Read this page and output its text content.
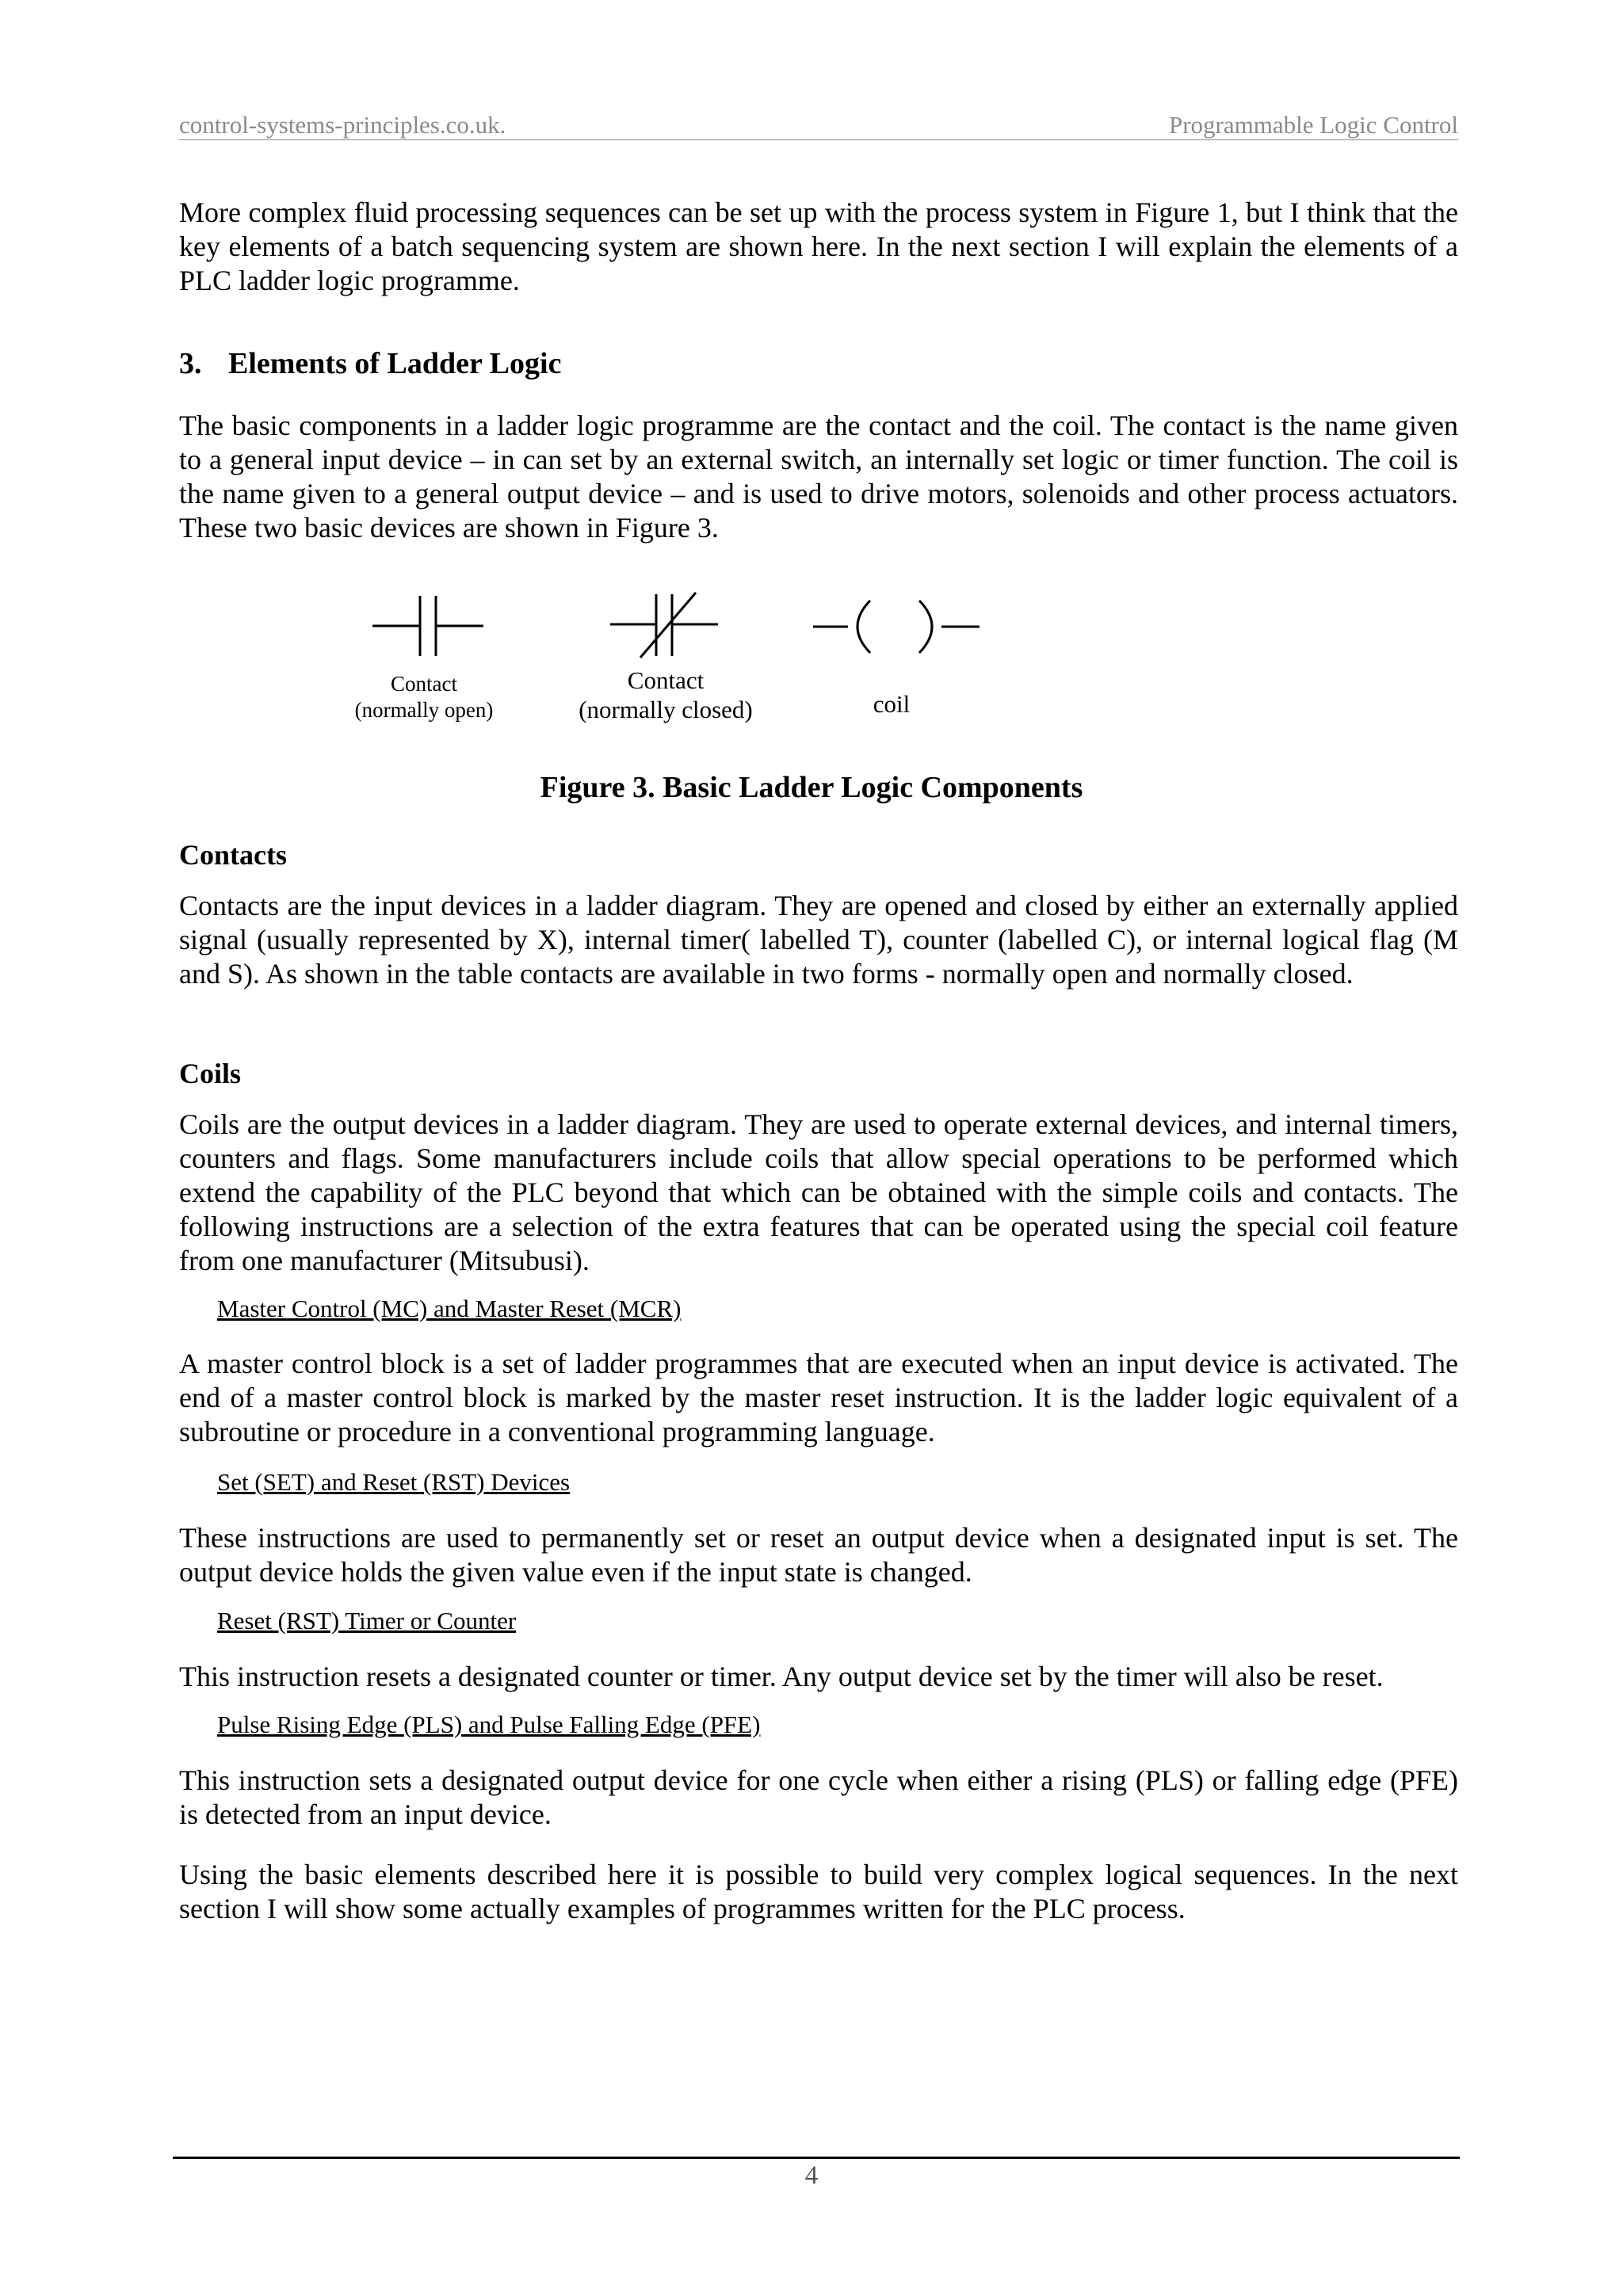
control-systems-principles.co.uk.	Programmable Logic Control

More complex fluid processing sequences can be set up with the process system in Figure 1, but I think that the key elements of a batch sequencing system are shown here. In the next section I will explain the elements of a PLC ladder logic programme.

3. Elements of Ladder Logic

The basic components in a ladder logic programme are the contact and the coil. The contact is the name given to a general input device – in can set by an external switch, an internally set logic or timer function. The coil is the name given to a general output device – and is used to drive motors, solenoids and other process actuators. These two basic devices are shown in Figure 3.

Contact
(normally open)
Contact
(normally closed)	coil
Figure 3. Basic Ladder Logic Components
Contacts

Contacts are the input devices in a ladder diagram. They are opened and closed by either an externally applied signal (usually represented by X), internal timer( labelled T), counter (labelled C), or internal logical flag (M and S). As shown in the table contacts are available in two forms - normally open and normally closed.

Coils

Coils are the output devices in a ladder diagram. They are used to operate external devices, and internal timers, counters and flags. Some manufacturers include coils that allow special operations to be performed which extend the capability of the PLC beyond that which can be obtained with the simple coils and contacts. The following instructions are a selection of the extra features that can be operated using the special coil feature from one manufacturer (Mitsubusi).

Master Control (MC) and Master Reset (MCR)

A master control block is a set of ladder programmes that are executed when an input device is activated. The end of a master control block is marked by the master reset instruction. It is the ladder logic equivalent of a subroutine or procedure in a conventional programming language.

Set (SET) and Reset (RST) Devices

These instructions are used to permanently set or reset an output device when a designated input is set. The output device holds the given value even if the input state is changed.

Reset (RST) Timer or Counter

This instruction resets a designated counter or timer. Any output device set by the timer will also be reset.

Pulse Rising Edge (PLS) and Pulse Falling Edge (PFE)

This instruction sets a designated output device for one cycle when either a rising (PLS) or falling edge (PFE) is detected from an input device.

Using the basic elements described here it is possible to build very complex logical sequences. In the next section I will show some actually examples of programmes written for the PLC process.

4
